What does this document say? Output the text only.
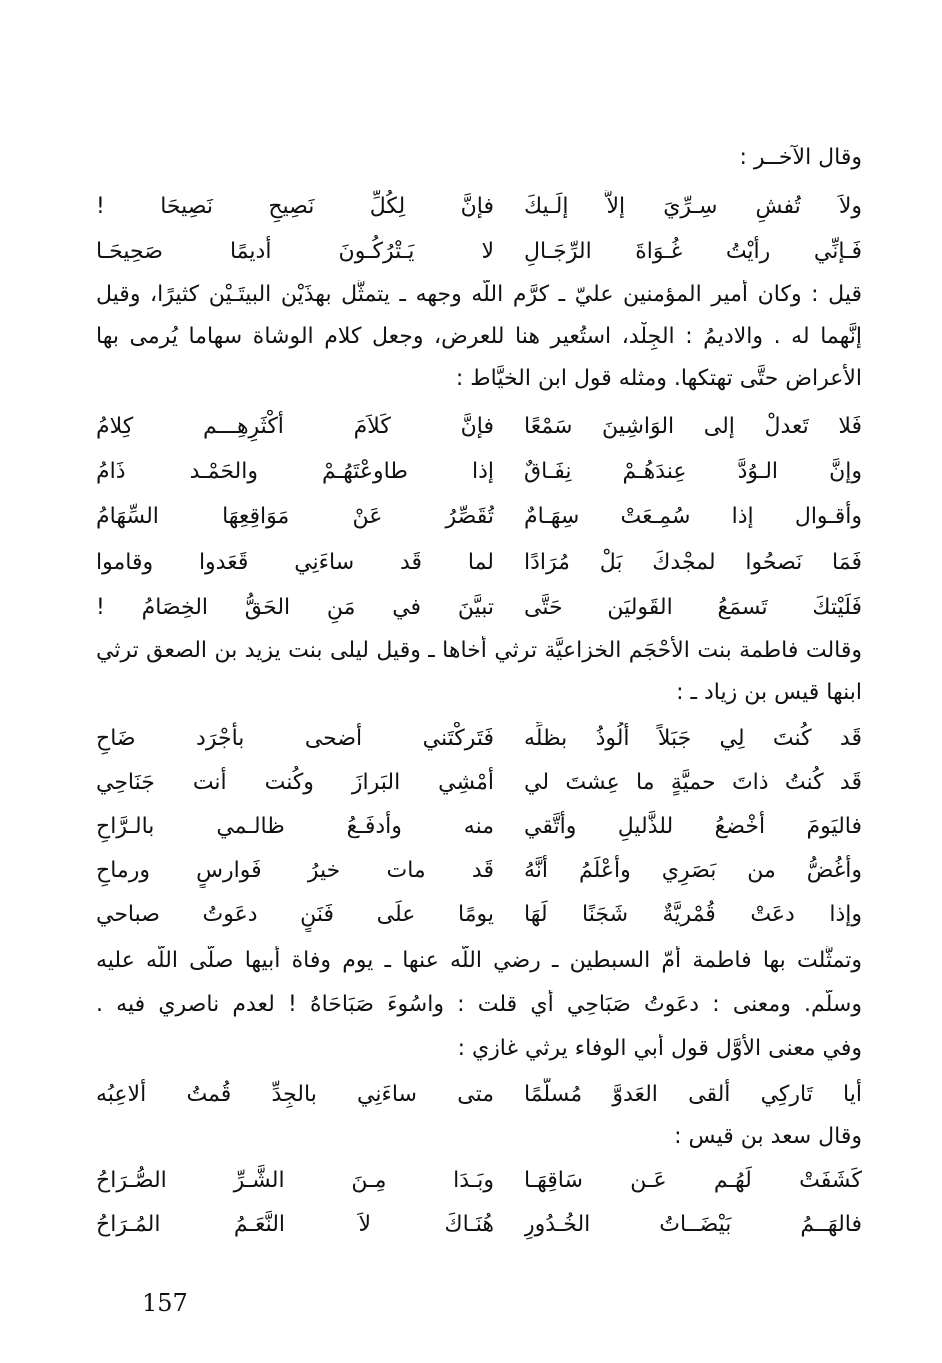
وقال الآخــر :
ولاَ تُفشِ سِـرِّيَ إلاَّ إلَـيكَ
فإنَّ لِكُلِّ نَصِيحِ نَصِيحَا !
فَـإنِّي رأيْتُ غُـوَاةَ الرِّجَـالِ
لا يَـتْرُكُـونَ أديمًا صَحِيحَـا
قيل : وكان أمير المؤمنين عليّ ـ كرَّم اللّه وجهه ـ يتمثَّل بهذَيْن البيتَـيْن كثيرًا، وقيل
إنَّهما له . والاديمُ : الجِلْد، استُعير هنا للعرض، وجعل كلام الوشاة سهاما يُرمى بها
الأعراض حتَّى تهتكها. ومثله قول ابن الخيَّاط :
فَلا تَعدلْ إلى الوَاشِينَ سَمْعًا
فإنَّ كَلاَمَ أكْثَرِهِـــم كِلامُ
وإنَّ الـوُدَّ عِندَهُـمْ نِفَـاقٌ
إذا طاوعْتَهُـمْ والحَمْـد ذَامُ
وأقـوال إذا سُمِـعَتْ سِهَـامٌ
تُقَصِّرُ عَنْ مَوَاقِعِهَا السِّهَامُ
فَمَا نَصحُوا لمجْدكَ بَلْ مُرَادًا
لما قَد ساءَنِي قَعَدوا وقاموا
فَلَيْتكَ تَسمَعُ القَوليَن حَتَّى
تبيَّنَ في مَنِ الحَقُّ الخِصَامُ !
وقالت فاطمة بنت الأحْجَم الخزاعيَّة ترثي أخاها ـ وقيل ليلى بنت يزيد بن الصعق ترثي
ابنها قيس بن زياد ـ :
قَد كُنتَ لِي جَبَلاً ألُوذُ بظلِّه
فَتَركْتَني أضحى بأجْرَد ضَاحِ
قَد كُنتُ ذاتَ حميَّةٍ ما عِشتَ لي
أمْشِي البَرازَ وكُنت أنت جَنَاحِي
فاليَومَ أخْضعُ للذَّليلِ وأتَّقي
منه وأدفَـعُ ظالـمي بالـرَّاحِ
وأغُضُّ من بَصَرِي وأعْلَمُ أنَّهُ
قَد مات خيرُ فَوارسٍ ورماحِ
وإذا دعَتْ قُمْريَّةٌ شَجَنًا لَهَا
يومًا علَى فَنَنٍ دعَوتُ صباحي
وتمثَّلت بها فاطمة أمّ السبطين ـ رضي اللّه عنها ـ يوم وفاة أبيها صلَّى اللّه عليه
وسلَّم. ومعنى : دعَوتُ صَبَاحِي أي قلت : واسُوءَ صَبَاحَاهُ ! لعدم ناصري فيه .
وفي معنى الأوَّل قول أبي الوفاء يرثي غازي :
أيا تَاركِي ألقى العَدوَّ مُسلَّمًا
متى ساءَنِي بالجِدِّ قُمتُ ألاعِبُه
وقال سعد بن قيس :
كَشَفَتْ لَهُـم عَـن سَاقِهَـا
وبَـدَا مِـنَ الشَّـرِّ الصُّـرَاحُ
فالهَــمُ بَيْضَــاتُ الخُـدُورِ
هُنَـاكَ لاَ النَّعَـمُ المُـرَاحُ
157
